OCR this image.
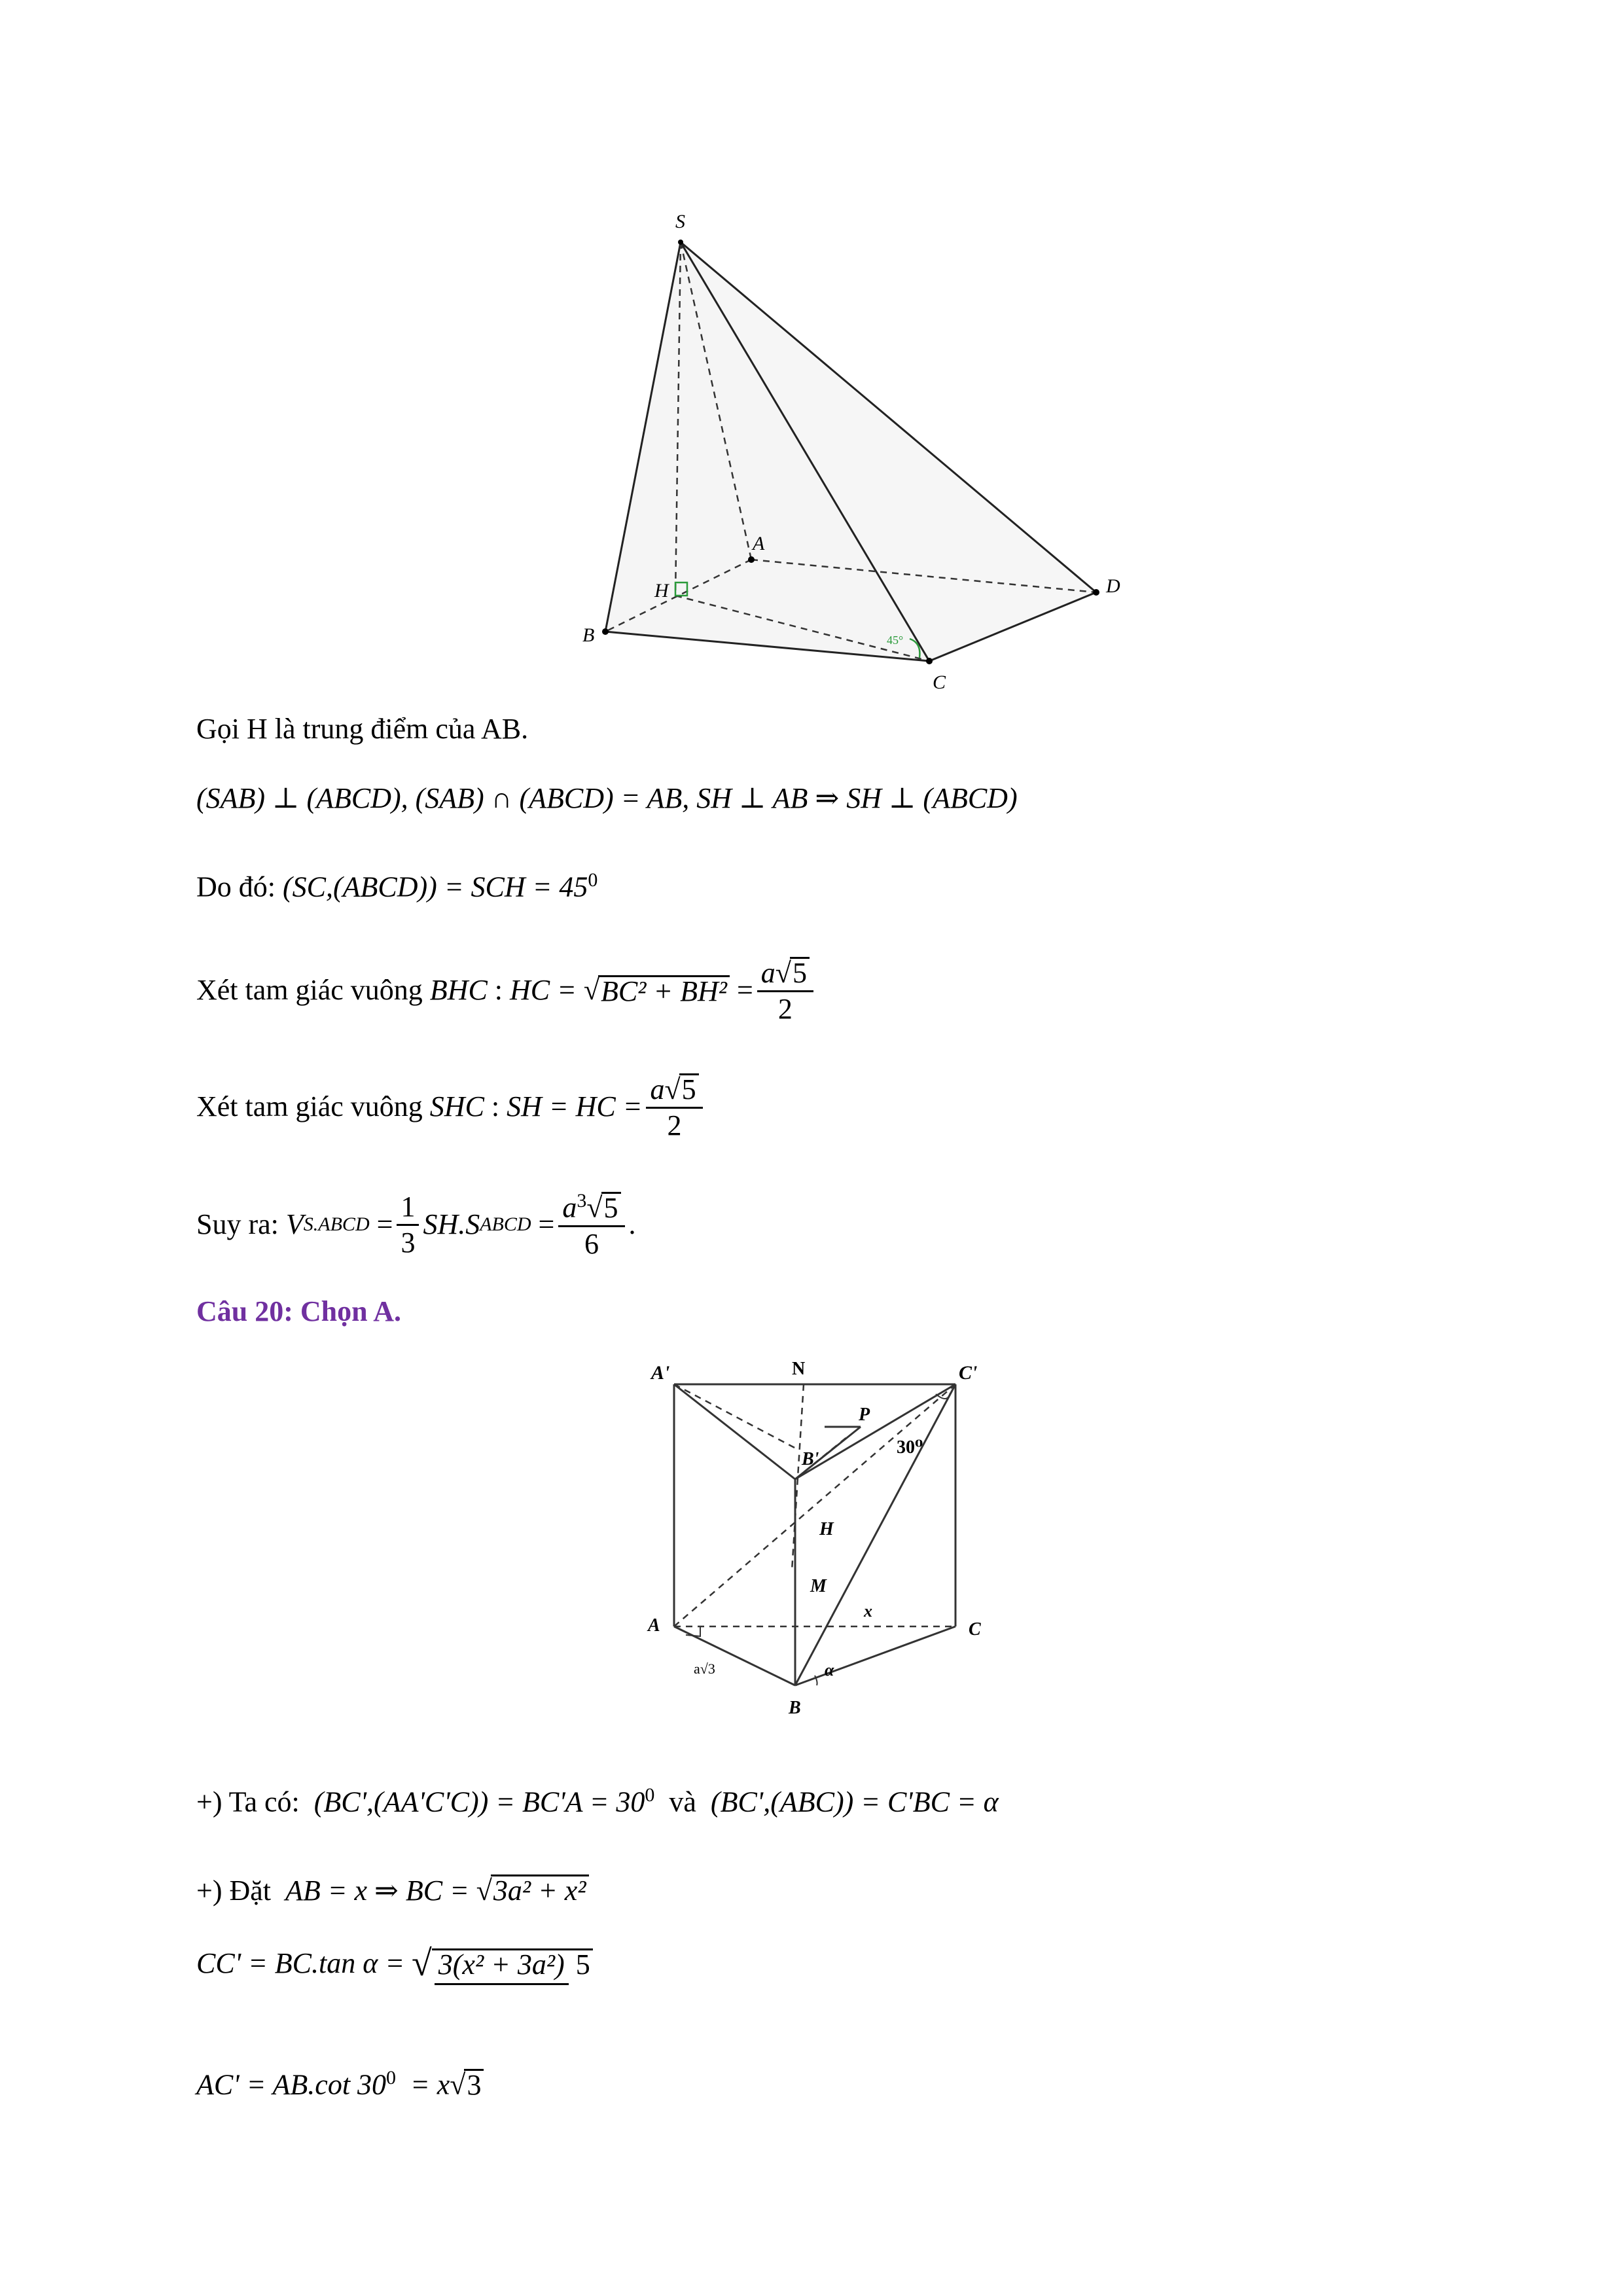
S
A
H
B
C
D
45°
Gọi H là trung điểm của AB.
(SAB) ⊥ (ABCD), (SAB) ∩ (ABCD) = AB, SH ⊥ AB ⇒ SH ⊥ (ABCD)
Do đó: (SC,(ABCD)) = SCH = $45^0$
Xét tam giác vuông
BHC : HC =
√ $BC^2 + BH^2 = \frac{a√5}{2}$
Xét tam giác vuông
SHC : SH = HC = $\frac{a√5}{2}$
Suy ra:
V S.ABCD = $\frac{1}{3} SH.S$ ABCD = $\frac{a^3√5}{6}$ .
Câu 20: Chọn A.
A'	N	C'
P
B'
30⁰
H
M
x
A	C
a√3	α
B
+) Ta có: $(BC',(AA'C'C)) = BC'A = 30^0$ và (BC',(ABC)) = C'BC = α
+) Đặt AB = x ⇒ BC = √3a² + x²
CC' = BC.tan α =
√ 3(x² + 3a²) 5
AC' = AB.cot $30^0 = x√3$
